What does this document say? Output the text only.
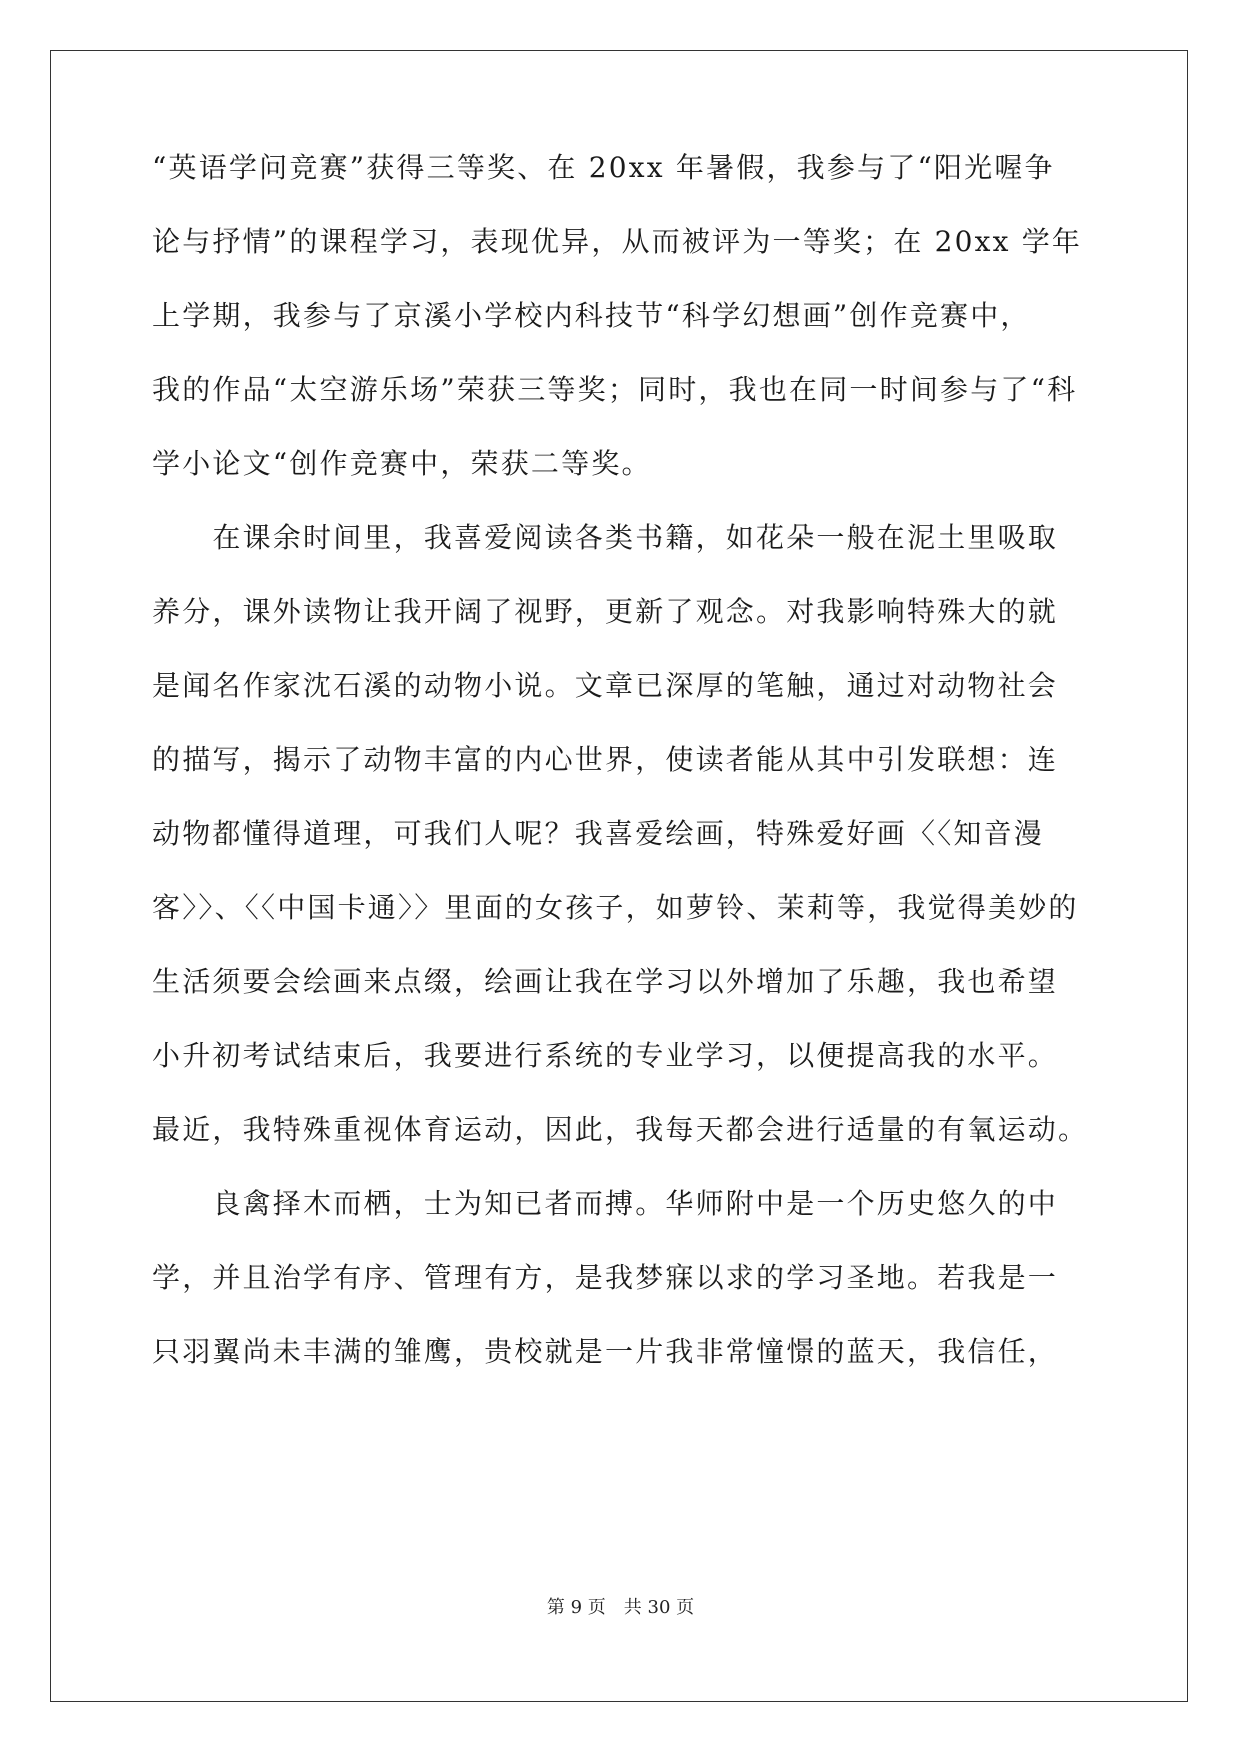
“英语学问竞赛”获得三等奖、在 20xx 年暑假，我参与了“阳光喔争
论与抒情”的课程学习，表现优异，从而被评为一等奖；在 20xx 学年
上学期，我参与了京溪小学校内科技节“科学幻想画”创作竞赛中，
我的作品“太空游乐场”荣获三等奖；同时，我也在同一时间参与了“科
学小论文“创作竞赛中，荣获二等奖。
　　在课余时间里，我喜爱阅读各类书籍，如花朵一般在泥土里吸取
养分，课外读物让我开阔了视野，更新了观念。对我影响特殊大的就
是闻名作家沈石溪的动物小说。文章已深厚的笔触，通过对动物社会
的描写，揭示了动物丰富的内心世界，使读者能从其中引发联想：连
动物都懂得道理，可我们人呢？我喜爱绘画，特殊爱好画〈〈知音漫
客〉〉、〈〈中国卡通〉〉里面的女孩子，如萝铃、茉莉等，我觉得美妙的
生活须要会绘画来点缀，绘画让我在学习以外增加了乐趣，我也希望
小升初考试结束后，我要进行系统的专业学习，以便提高我的水平。
最近，我特殊重视体育运动，因此，我每天都会进行适量的有氧运动。
　　良禽择木而栖，士为知已者而搏。华师附中是一个历史悠久的中
学，并且治学有序、管理有方，是我梦寐以求的学习圣地。若我是一
只羽翼尚未丰满的雏鹰，贵校就是一片我非常憧憬的蓝天，我信任，
第 9 页 共 30 页
